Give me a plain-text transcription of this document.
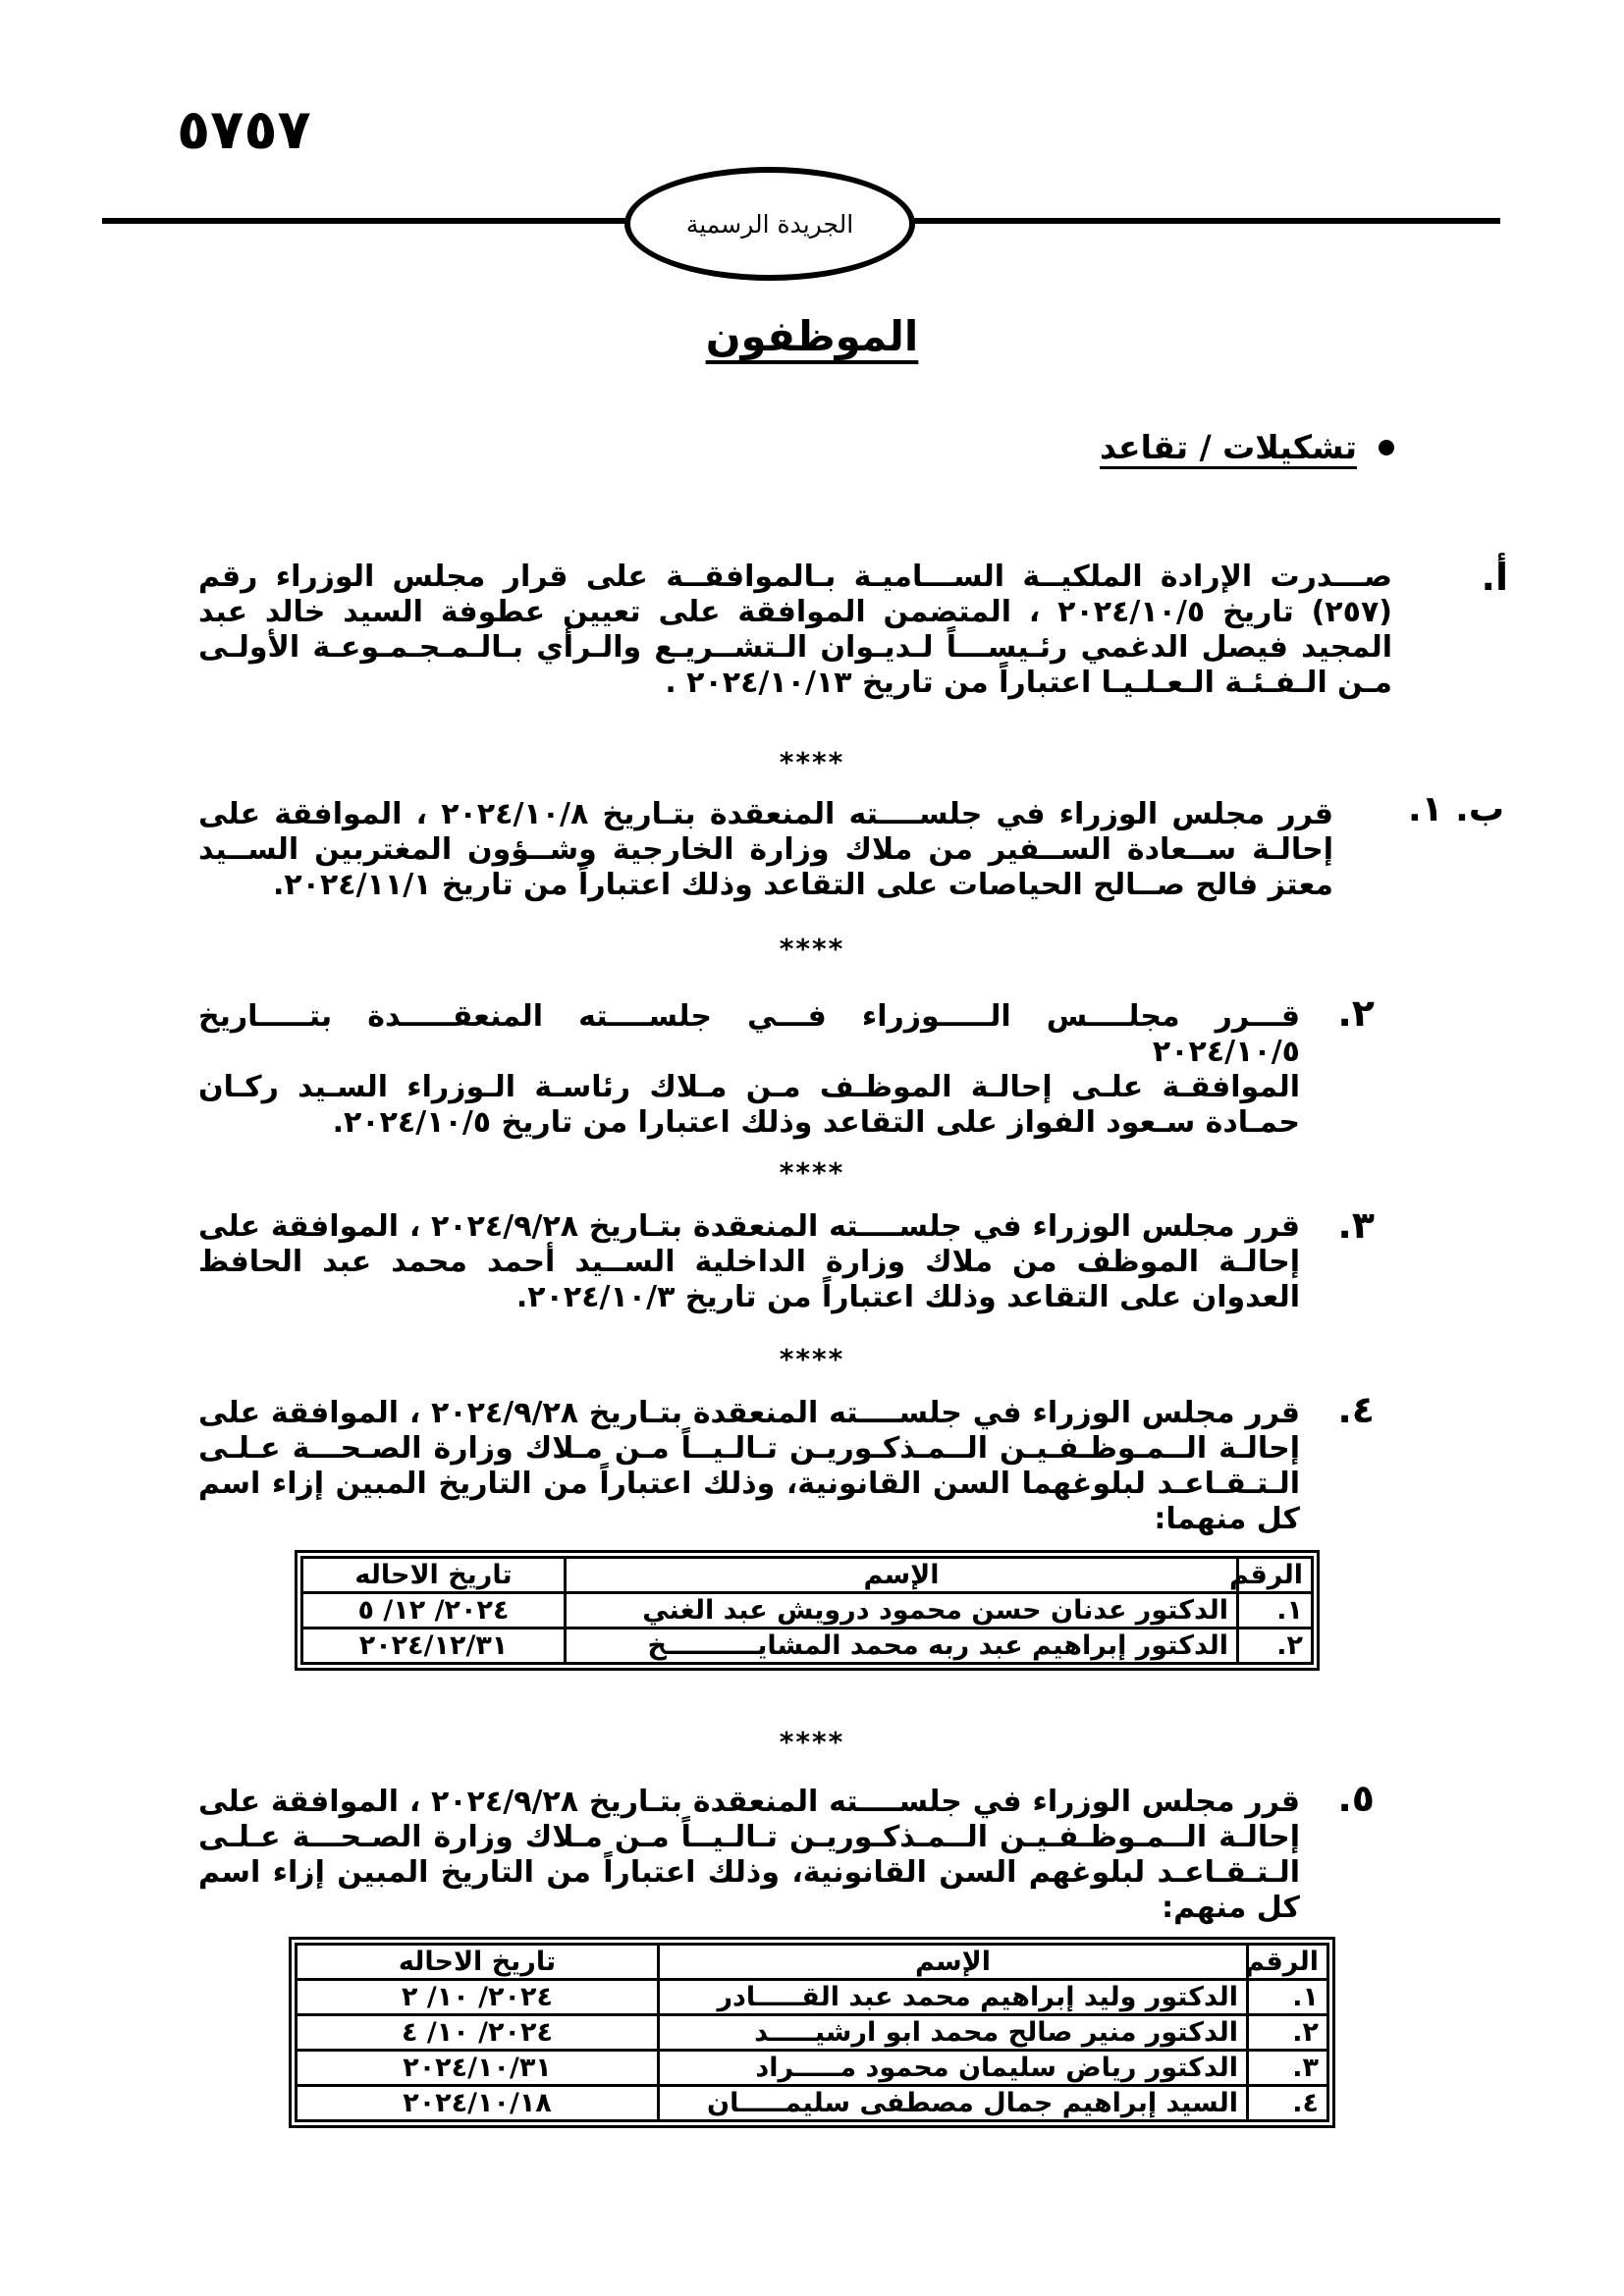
٥٧٥٧
الجريدة الرسمية
الموظفون
تشكيلات / تقاعد
أ.
صـــدرت الإرادة الملكيــة الســـاميـة بـالموافقــة على قرار مجلس الوزراء رقم (٢٥٧) تاريخ ٢٠٢٤/١٠/٥ ، المتضمن الموافقة على تعيين عطوفة السيد خالد عبد المجيد فيصل الدغمي رئـيســـاً لـديـوان الـتشــريـع والـرأي بـالـمـجـمـوعـة الأولـى مـن الـفـئـة الـعـلـيـا اعتباراً من تاريخ ٢٠٢٤/١٠/١٣ .
****
ب. ١.
قرر مجلس الوزراء في جلســــته المنعقدة بتـاريخ ٢٠٢٤/١٠/٨ ، الموافقة على إحالـة ســعادة الســفير من ملاك وزارة الخارجية وشــؤون المغتربين الســيد معتز فالح صــالح الحياصات على التقاعد وذلك اعتباراً من تاريخ ٢٠٢٤/١١/١.
****
٢.
قـــرر مجلــــس الـــــوزراء فـــي جلســــته المنعقـــــدة بتـــــاريخ ٢٠٢٤/١٠/٥
الموافقـة علـى إحالـة الموظـف مـن مـلاك رئاسـة الـوزراء السـيد ركـان حمـادة سـعود الفواز على التقاعد وذلك اعتبارا من تاريخ ٢٠٢٤/١٠/٥.
****
٣.
قرر مجلس الوزراء في جلســــته المنعقدة بتـاريخ ٢٠٢٤/٩/٢٨ ، الموافقة على إحالـة الموظف من ملاك وزارة الداخلية الســيد أحمد محمد عبد الحافظ العدوان على التقاعد وذلك اعتباراً من تاريخ ٢٠٢٤/١٠/٣.
****
٤.
قرر مجلس الوزراء في جلســــته المنعقدة بتـاريخ ٢٠٢٤/٩/٢٨ ، الموافقة على إحالـة الــمـوظـفـيـن الــمـذكـوريـن تـالـيــاً مـن مـلاك وزارة الصـحـــة عـلـى الـتـقـاعـد لبلوغهما السن القانونية، وذلك اعتباراً من التاريخ المبين إزاء اسم كل منهما:
الرقم	الإسم	تاريخ الاحاله
١.	الدكتور عدنان حسن محمود درويش عبد الغني	٢٠٢٤/ ١٢/ ٥
٢.	الدكتور إبراهيم عبد ربه محمد المشايــــــــــخ	٢٠٢٤/١٢/٣١
****
٥.
قرر مجلس الوزراء في جلســــته المنعقدة بتـاريخ ٢٠٢٤/٩/٢٨ ، الموافقة على إحالـة الــمـوظـفـيـن الــمـذكـوريـن تـالـيــاً مـن مـلاك وزارة الصـحـــة عـلـى الـتـقـاعـد لبلوغهم السن القانونية، وذلك اعتباراً من التاريخ المبين إزاء اسم كل منهم:
الرقم	الإسم	تاريخ الاحاله
١.	الدكتور وليد إبراهيم محمد عبد القـــــادر	٢٠٢٤/ ١٠/ ٢
٢.	الدكتور منير صالح محمد ابو ارشيـــــد	٢٠٢٤/ ١٠/ ٤
٣.	الدكتور رياض سليمان محمود مـــــراد	٢٠٢٤/١٠/٣١
٤.	السيد إبراهيم جمال مصطفى سليمـــــان	٢٠٢٤/١٠/١٨
